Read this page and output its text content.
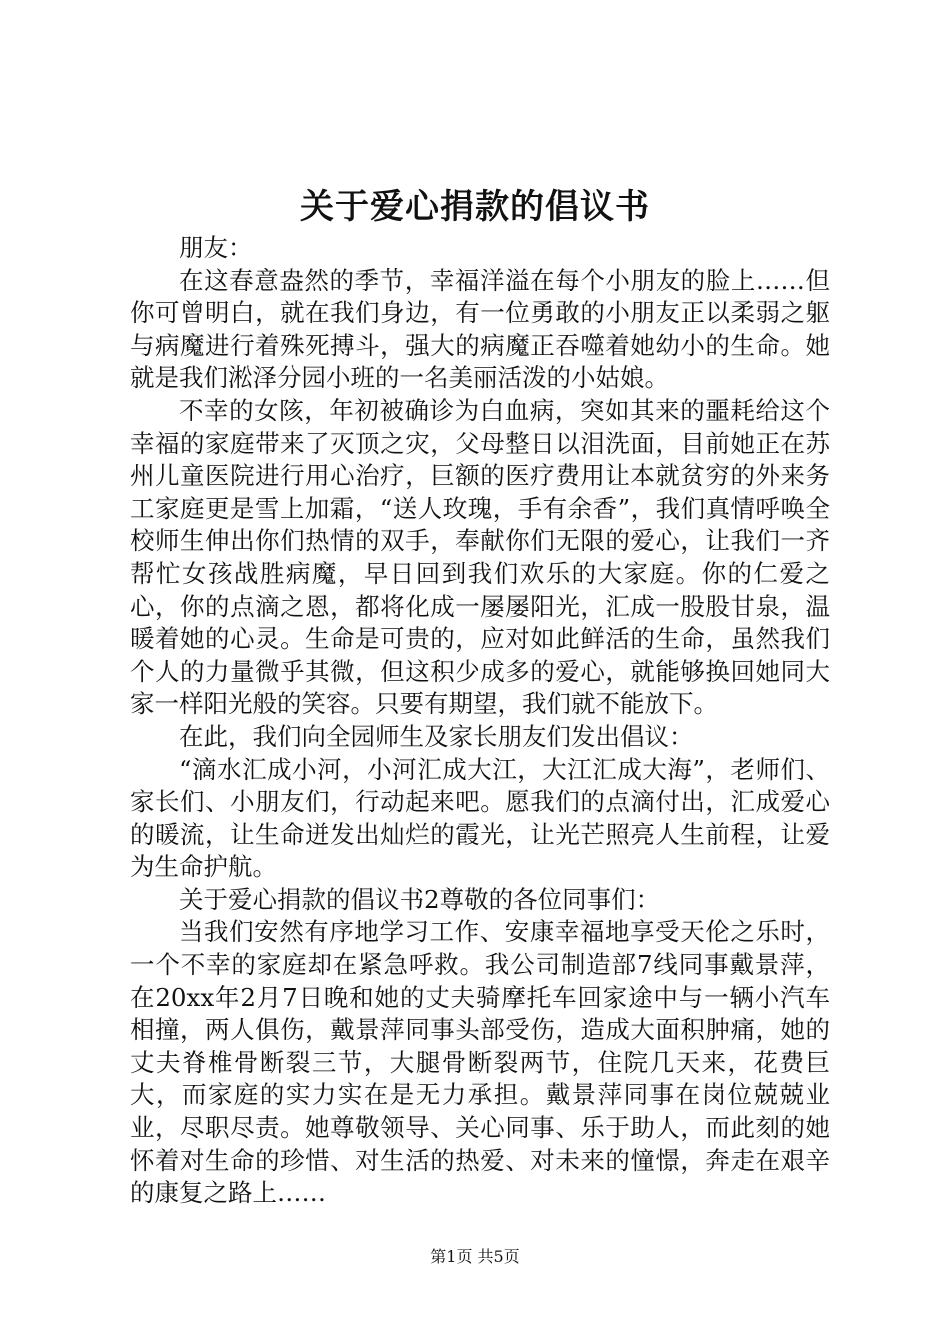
关于爱心捐款的倡议书

朋友：

在这春意盎然的季节，幸福洋溢在每个小朋友的脸上……但你可曾明白，就在我们身边，有一位勇敢的小朋友正以柔弱之躯与病魔进行着殊死搏斗，强大的病魔正吞噬着她幼小的生命。她就是我们淞泽分园小班的一名美丽活泼的小姑娘。

不幸的女陔，年初被确诊为白血病，突如其来的噩耗给这个幸福的家庭带来了灭顶之灾，父母整日以泪洗面，目前她正在苏州儿童医院进行用心治疗，巨额的医疗费用让本就贫穷的外来务工家庭更是雪上加霜，“送人玫瑰，手有余香”，我们真情呼唤全校师生伸出你们热情的双手，奉献你们无限的爱心，让我们一齐帮忙女孩战胜病魔，早日回到我们欢乐的大家庭。你的仁爱之心，你的点滴之恩，都将化成一屡屡阳光，汇成一股股甘泉，温暖着她的心灵。生命是可贵的，应对如此鲜活的生命，虽然我们个人的力量微乎其微，但这积少成多的爱心，就能够换回她同大家一样阳光般的笑容。只要有期望，我们就不能放下。

在此，我们向全园师生及家长朋友们发出倡议：

“滴水汇成小河，小河汇成大江，大江汇成大海”，老师们、家长们、小朋友们，行动起来吧。愿我们的点滴付出，汇成爱心的暖流，让生命迸发出灿烂的霞光，让光芒照亮人生前程，让爱为生命护航。

关于爱心捐款的倡议书2尊敬的各位同事们：

当我们安然有序地学习工作、安康幸福地享受天伦之乐时，一个不幸的家庭却在紧急呼救。我公司制造部7线同事戴景萍，在20xx年2月7日晚和她的丈夫骑摩托车回家途中与一辆小汽车相撞，两人俱伤，戴景萍同事头部受伤，造成大面积肿痛，她的丈夫脊椎骨断裂三节，大腿骨断裂两节，住院几天来，花费巨大，而家庭的实力实在是无力承担。戴景萍同事在岗位兢兢业业，尽职尽责。她尊敬领导、关心同事、乐于助人，而此刻的她怀着对生命的珍惜、对生活的热爱、对未来的憧憬，奔走在艰辛的康复之路上……

第1页 共5页
